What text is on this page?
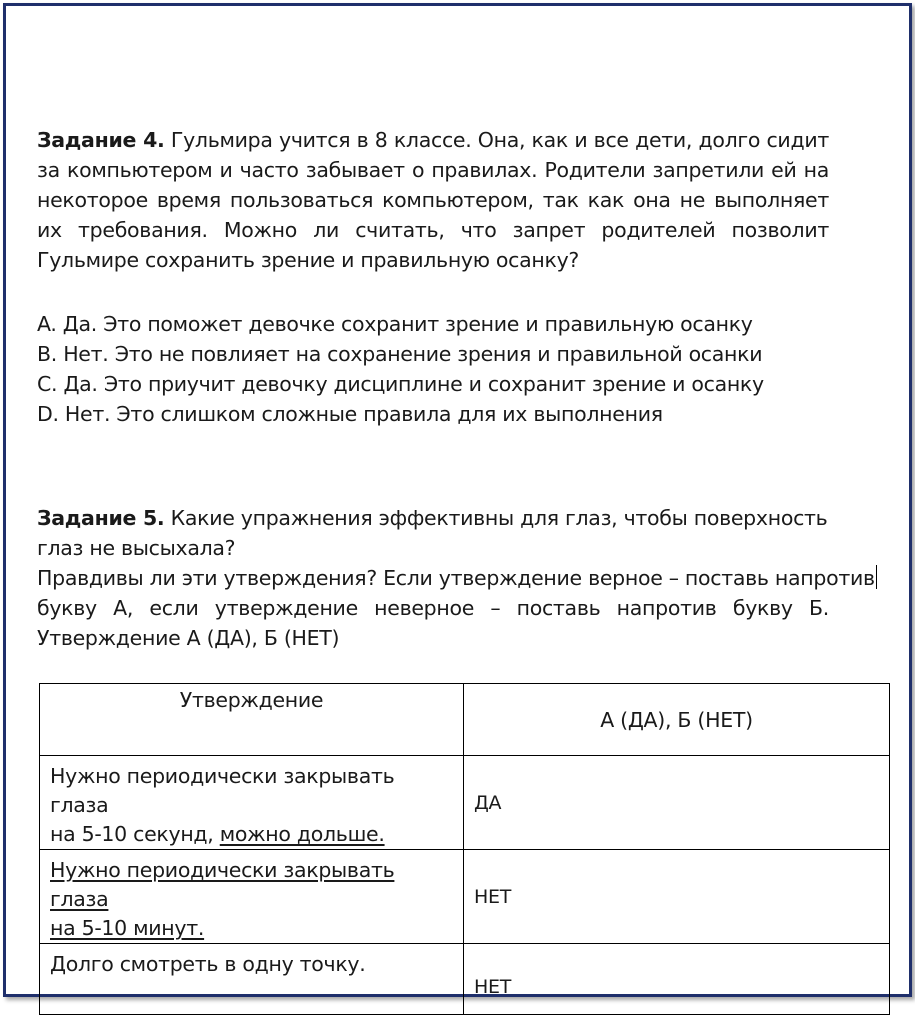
Задание 4. Гульмира учится в 8 классе. Она, как и все дети, долго сидит за компьютером и часто забывает о правилах. Родители запретили ей на некоторое время пользоваться компьютером, так как она не выполняет их требования. Можно ли считать, что запрет родителей позволит Гульмире сохранить зрение и правильную осанку?
A. Да. Это поможет девочке сохранит зрение и правильную осанку
B. Нет. Это не повлияет на сохранение зрения и правильной осанки
C. Да. Это приучит девочку дисциплине и сохранит зрение и осанку
D. Нет. Это слишком сложные правила для их выполнения
Задание 5. Какие упражнения эффективны для глаз, чтобы поверхность глаз не высыхала?
Правдивы ли эти утверждения? Если утверждение верное – поставь напротив
букву А, если утверждение неверное – поставь напротив букву Б.
Утверждение А (ДА), Б (НЕТ)
Утверждение	А (ДА), Б (НЕТ)
Нужно периодически закрывать глаза
на 5-10 секунд, можно дольше.	ДА
Нужно периодически закрывать глаза
на 5-10 минут.	НЕТ
Долго смотреть в одну точку.	НЕТ
